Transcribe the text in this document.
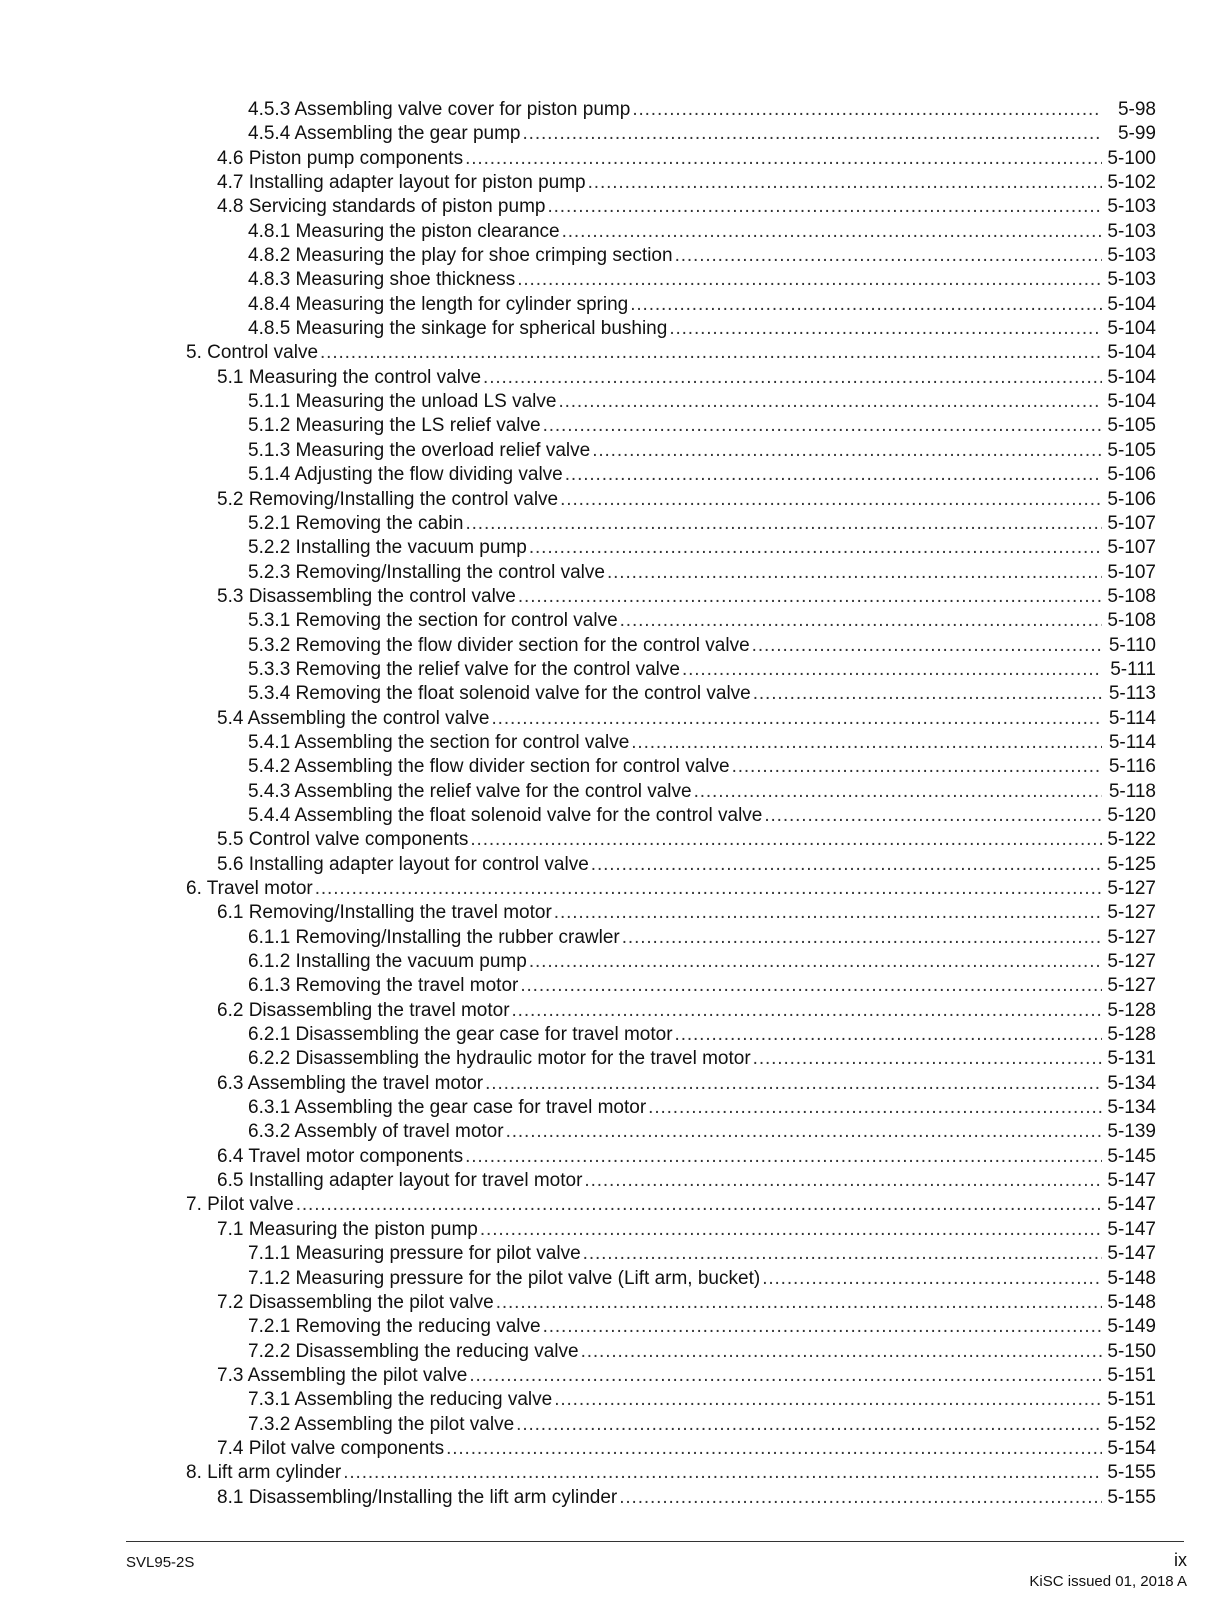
4.5.3 Assembling valve cover for piston pump . . .	5-98
4.5.4 Assembling the gear pump . . .	5-99
4.6 Piston pump components . . .	5-100
4.7 Installing adapter layout for piston pump . . .	5-102
4.8 Servicing standards of piston pump . . .	5-103
4.8.1 Measuring the piston clearance . . .	5-103
4.8.2 Measuring the play for shoe crimping section . . .	5-103
4.8.3 Measuring shoe thickness . . .	5-103
4.8.4 Measuring the length for cylinder spring . . .	5-104
4.8.5 Measuring the sinkage for spherical bushing . . .	5-104
5. Control valve . . .	5-104
5.1 Measuring the control valve . . .	5-104
5.1.1 Measuring the unload LS valve . . .	5-104
5.1.2 Measuring the LS relief valve . . .	5-105
5.1.3 Measuring the overload relief valve . . .	5-105
5.1.4 Adjusting the flow dividing valve . . .	5-106
5.2 Removing/Installing the control valve . . .	5-106
5.2.1 Removing the cabin . . .	5-107
5.2.2 Installing the vacuum pump . . .	5-107
5.2.3 Removing/Installing the control valve . . .	5-107
5.3 Disassembling the control valve . . .	5-108
5.3.1 Removing the section for control valve . . .	5-108
5.3.2 Removing the flow divider section for the control valve . . .	5-110
5.3.3 Removing the relief valve for the control valve . . .	5-111
5.3.4 Removing the float solenoid valve for the control valve . . .	5-113
5.4 Assembling the control valve . . .	5-114
5.4.1 Assembling the section for control valve . . .	5-114
5.4.2 Assembling the flow divider section for control valve . . .	5-116
5.4.3 Assembling the relief valve for the control valve . . .	5-118
5.4.4 Assembling the float solenoid valve for the control valve . . .	5-120
5.5 Control valve components . . .	5-122
5.6 Installing adapter layout for control valve . . .	5-125
6. Travel motor . . .	5-127
6.1 Removing/Installing the travel motor . . .	5-127
6.1.1 Removing/Installing the rubber crawler . . .	5-127
6.1.2 Installing the vacuum pump . . .	5-127
6.1.3 Removing the travel motor . . .	5-127
6.2 Disassembling the travel motor . . .	5-128
6.2.1 Disassembling the gear case for travel motor . . .	5-128
6.2.2 Disassembling the hydraulic motor for the travel motor . . .	5-131
6.3 Assembling the travel motor . . .	5-134
6.3.1 Assembling the gear case for travel motor . . .	5-134
6.3.2 Assembly of travel motor . . .	5-139
6.4 Travel motor components . . .	5-145
6.5 Installing adapter layout for travel motor . . .	5-147
7. Pilot valve . . .	5-147
7.1 Measuring the piston pump . . .	5-147
7.1.1 Measuring pressure for pilot valve . . .	5-147
7.1.2 Measuring pressure for the pilot valve (Lift arm, bucket) . . .	5-148
7.2 Disassembling the pilot valve . . .	5-148
7.2.1 Removing the reducing valve . . .	5-149
7.2.2 Disassembling the reducing valve . . .	5-150
7.3 Assembling the pilot valve . . .	5-151
7.3.1 Assembling the reducing valve . . .	5-151
7.3.2 Assembling the pilot valve . . .	5-152
7.4 Pilot valve components . . .	5-154
8. Lift arm cylinder . . .	5-155
8.1 Disassembling/Installing the lift arm cylinder . . .	5-155
SVL95-2S	ix
KiSC issued 01, 2018 A
